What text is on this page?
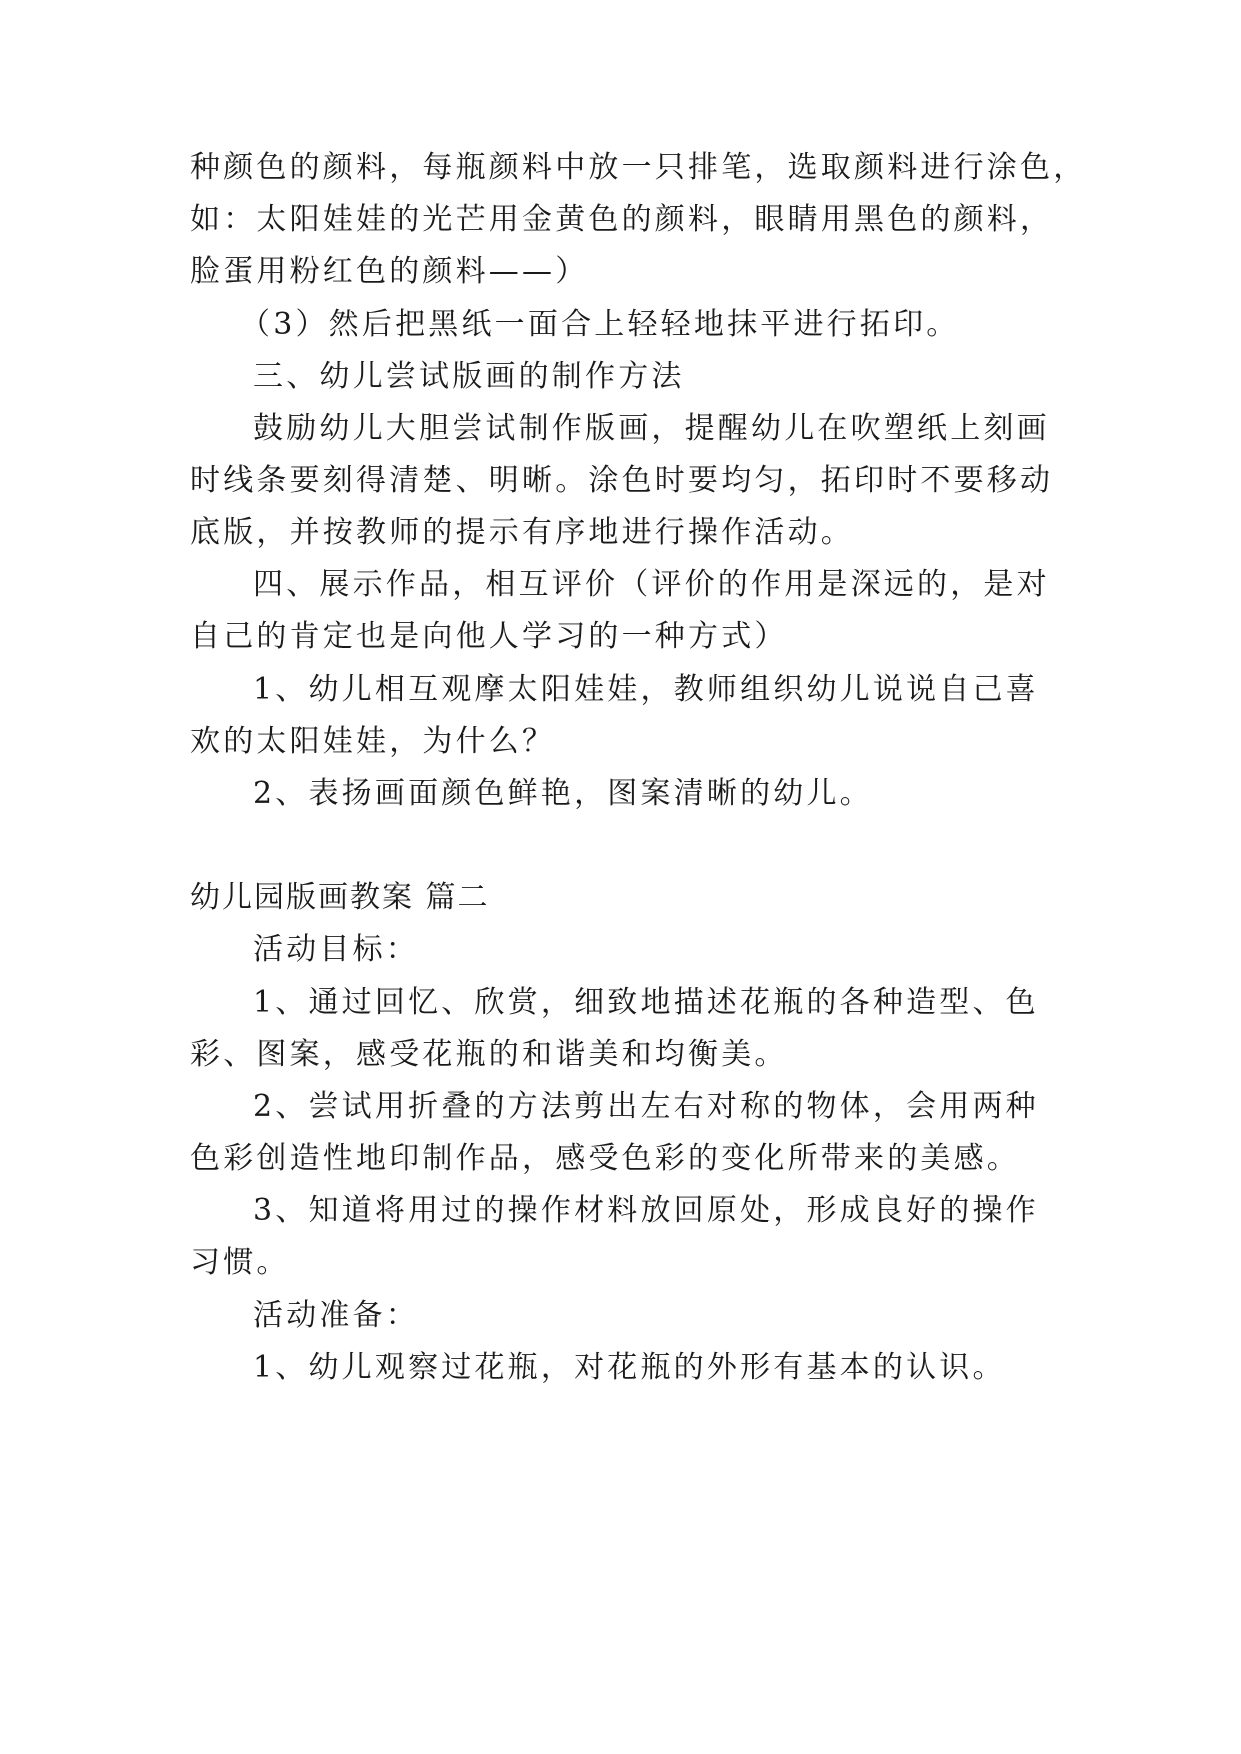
种颜色的颜料，每瓶颜料中放一只排笔，选取颜料进行涂色，
如：太阳娃娃的光芒用金黄色的颜料，眼睛用黑色的颜料，
脸蛋用粉红色的颜料——）
（3）然后把黑纸一面合上轻轻地抹平进行拓印。
三、幼儿尝试版画的制作方法
鼓励幼儿大胆尝试制作版画，提醒幼儿在吹塑纸上刻画
时线条要刻得清楚、明晰。涂色时要均匀，拓印时不要移动
底版，并按教师的提示有序地进行操作活动。
四、展示作品，相互评价（评价的作用是深远的，是对
自己的肯定也是向他人学习的一种方式）
1、幼儿相互观摩太阳娃娃，教师组织幼儿说说自己喜
欢的太阳娃娃，为什么？
2、表扬画面颜色鲜艳，图案清晰的幼儿。
幼儿园版画教案 篇二
活动目标：
1、通过回忆、欣赏，细致地描述花瓶的各种造型、色
彩、图案，感受花瓶的和谐美和均衡美。
2、尝试用折叠的方法剪出左右对称的物体，会用两种
色彩创造性地印制作品，感受色彩的变化所带来的美感。
3、知道将用过的操作材料放回原处，形成良好的操作
习惯。
活动准备：
1、幼儿观察过花瓶，对花瓶的外形有基本的认识。
